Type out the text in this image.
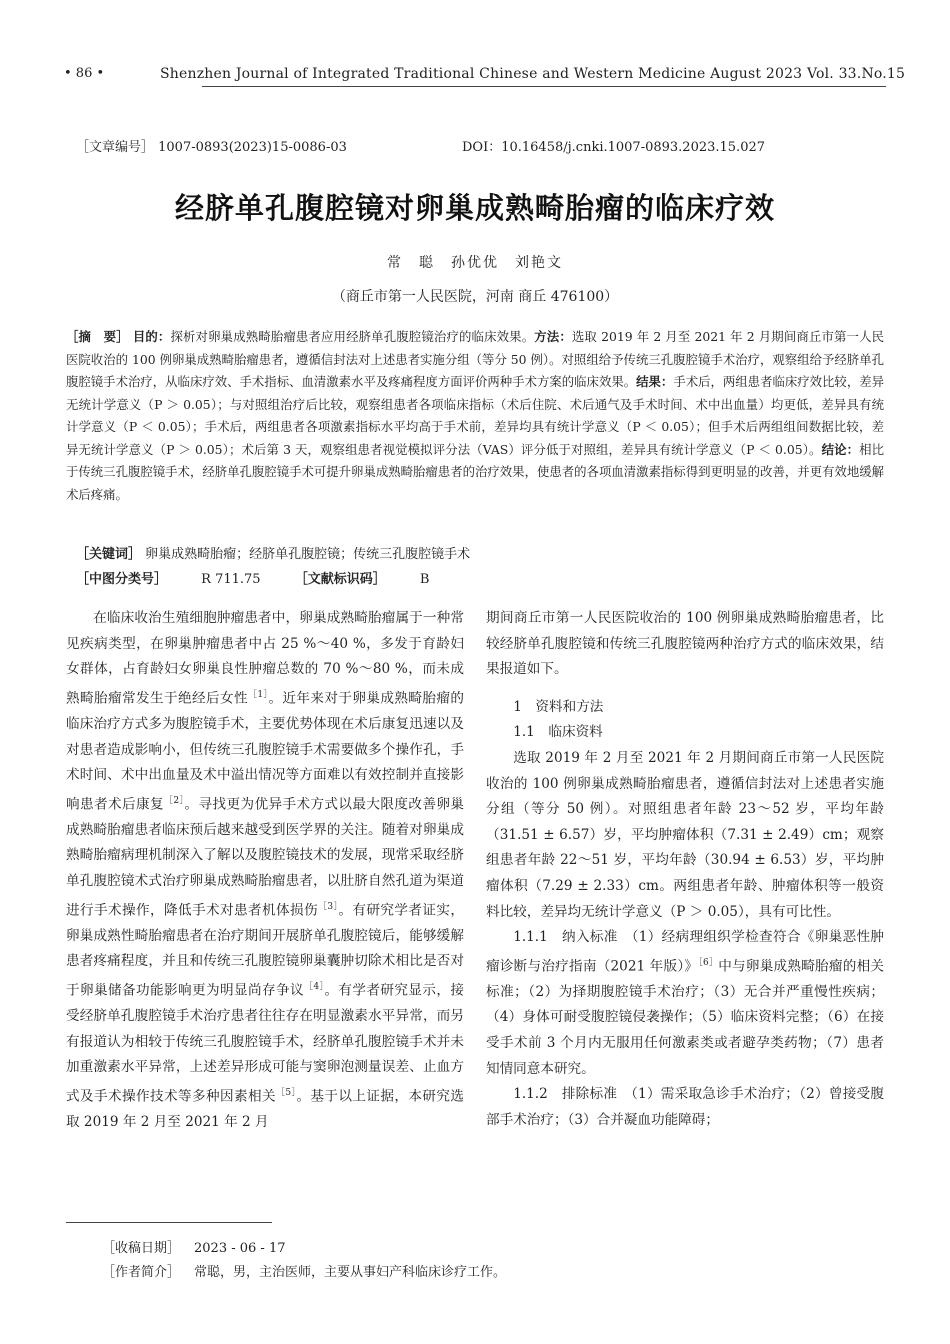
• 86 •	Shenzhen Journal of Integrated Traditional Chinese and Western Medicine August 2023 Vol. 33.No.15
［文章编号］ 1007-0893(2023)15-0086-03	DOI：10.16458/j.cnki.1007-0893.2023.15.027
经脐单孔腹腔镜对卵巢成熟畸胎瘤的临床疗效
常　聪　孙优优　刘艳文
（商丘市第一人民医院，河南 商丘 476100）
［摘　要］ 目的：探析对卵巢成熟畸胎瘤患者应用经脐单孔腹腔镜治疗的临床效果。方法：选取 2019 年 2 月至 2021 年 2 月期间商丘市第一人民医院收治的 100 例卵巢成熟畸胎瘤患者，遵循信封法对上述患者实施分组（等分 50 例）。对照组给予传统三孔腹腔镜手术治疗，观察组给予经脐单孔腹腔镜手术治疗，从临床疗效、手术指标、血清激素水平及疼痛程度方面评价两种手术方案的临床效果。结果：手术后，两组患者临床疗效比较，差异无统计学意义（P ＞ 0.05）；与对照组治疗后比较，观察组患者各项临床指标（术后住院、术后通气及手术时间、术中出血量）均更低，差异具有统计学意义（P ＜ 0.05）；手术后，两组患者各项激素指标水平均高于手术前，差异均具有统计学意义（P ＜ 0.05）；但手术后两组组间数据比较，差异无统计学意义（P ＞ 0.05）；术后第 3 天，观察组患者视觉模拟评分法（VAS）评分低于对照组，差异具有统计学意义（P ＜ 0.05）。结论：相比于传统三孔腹腔镜手术，经脐单孔腹腔镜手术可提升卵巢成熟畸胎瘤患者的治疗效果，使患者的各项血清激素指标得到更明显的改善，并更有效地缓解术后疼痛。
［关键词］ 卵巢成熟畸胎瘤；经脐单孔腹腔镜；传统三孔腹腔镜手术
［中图分类号］	R 711.75	［文献标识码］	B

在临床收治生殖细胞肿瘤患者中，卵巢成熟畸胎瘤属于一种常见疾病类型，在卵巢肿瘤患者中占 25 %～40 %，多发于育龄妇女群体，占育龄妇女卵巢良性肿瘤总数的 70 %～80 %，而未成熟畸胎瘤常发生于绝经后女性$^{[1]}$。近年来对于卵巢成熟畸胎瘤的临床治疗方式多为腹腔镜手术，主要优势体现在术后康复迅速以及对患者造成影响小，但传统三孔腹腔镜手术需要做多个操作孔，手术时间、术中出血量及术中溢出情况等方面难以有效控制并直接影响患者术后康复$^{[2]}$。寻找更为优异手术方式以最大限度改善卵巢成熟畸胎瘤患者临床预后越来越受到医学界的关注。随着对卵巢成熟畸胎瘤病理机制深入了解以及腹腔镜技术的发展，现常采取经脐单孔腹腔镜术式治疗卵巢成熟畸胎瘤患者，以肚脐自然孔道为渠道进行手术操作，降低手术对患者机体损伤$^{[3]}$。有研究学者证实，卵巢成熟性畸胎瘤患者在治疗期间开展脐单孔腹腔镜后，能够缓解患者疼痛程度，并且和传统三孔腹腔镜卵巢囊肿切除术相比是否对于卵巢储备功能影响更为明显尚存争议$^{[4]}$。有学者研究显示，接受经脐单孔腹腔镜手术治疗患者往往存在明显激素水平异常，而另有报道认为相较于传统三孔腹腔镜手术，经脐单孔腹腔镜手术并未加重激素水平异常，上述差异形成可能与窦卵泡测量误差、止血方式及手术操作技术等多种因素相关$^{[5]}$。基于以上证据，本研究选取 2019 年 2 月至 2021 年 2 月

期间商丘市第一人民医院收治的 100 例卵巢成熟畸胎瘤患者，比较经脐单孔腹腔镜和传统三孔腹腔镜两种治疗方式的临床效果，结果报道如下。

1　资料和方法

1.1　临床资料

选取 2019 年 2 月至 2021 年 2 月期间商丘市第一人民医院收治的 100 例卵巢成熟畸胎瘤患者，遵循信封法对上述患者实施分组（等分 50 例）。对照组患者年龄 23～52 岁，平均年龄（31.51 ± 6.57）岁，平均肿瘤体积（7.31 ± 2.49）cm；观察组患者年龄 22～51 岁，平均年龄（30.94 ± 6.53）岁，平均肿瘤体积（7.29 ± 2.33）cm。两组患者年龄、肿瘤体积等一般资料比较，差异均无统计学意义（P ＞ 0.05），具有可比性。

1.1.1　纳入标准　（1）经病理组织学检查符合《卵巢恶性肿瘤诊断与治疗指南（2021 年版）》$^{[6]}$中与卵巢成熟畸胎瘤的相关标准；（2）为择期腹腔镜手术治疗；（3）无合并严重慢性疾病；（4）身体可耐受腹腔镜侵袭操作；（5）临床资料完整；（6）在接受手术前 3 个月内无服用任何激素类或者避孕类药物；（7）患者知情同意本研究。

1.1.2　排除标准　（1）需采取急诊手术治疗；（2）曾接受腹部手术治疗；（3）合并凝血功能障碍；

［收稿日期］ 2023 - 06 - 17
［作者简介］ 常聪，男，主治医师，主要从事妇产科临床诊疗工作。
